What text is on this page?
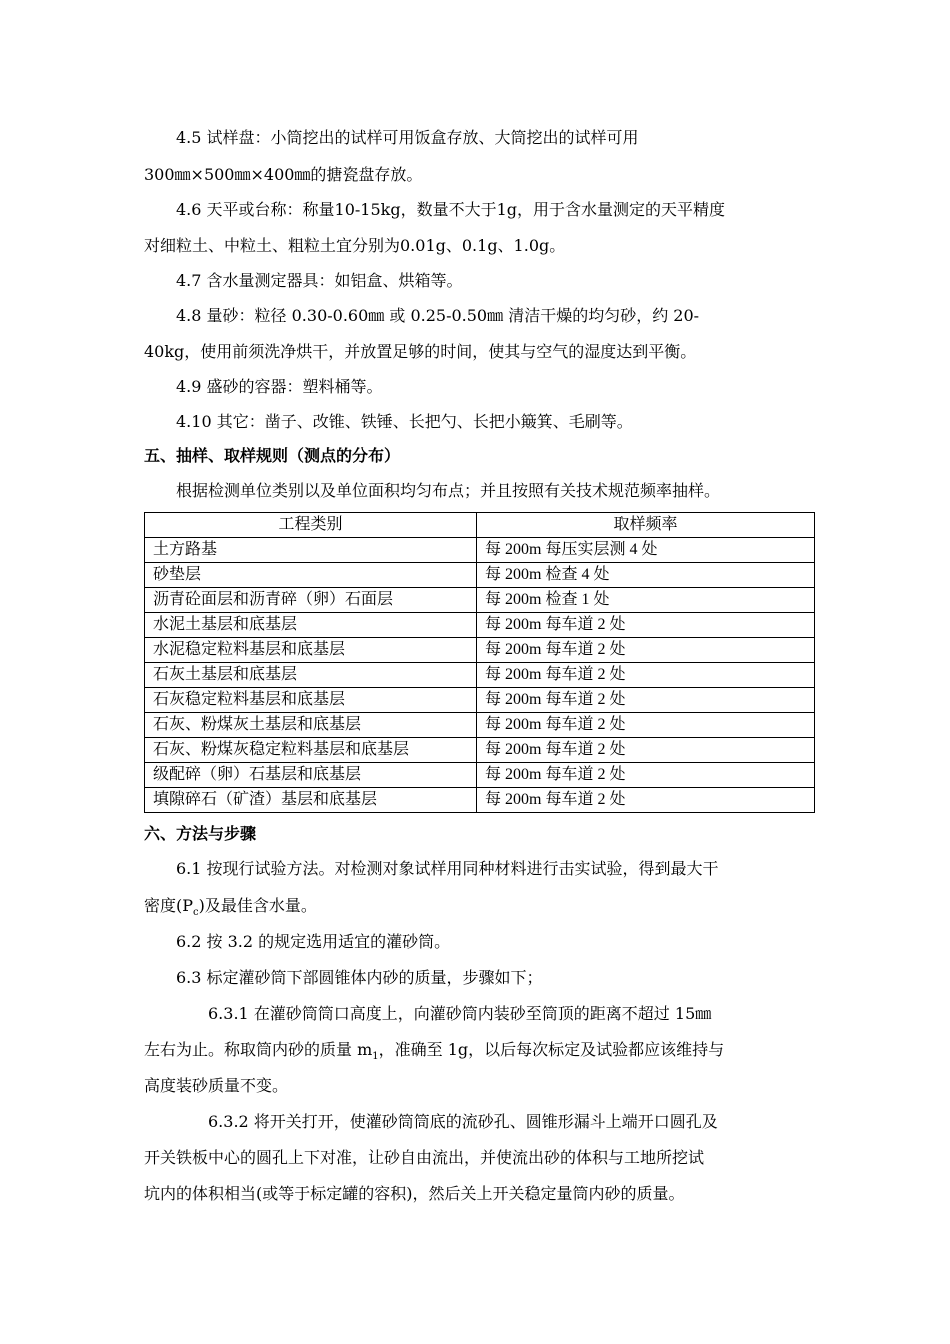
4.5 试样盘：小筒挖出的试样可用饭盒存放、大筒挖出的试样可用

300㎜×500㎜×400㎜的搪瓷盘存放。

4.6 天平或台称：称量10-15kg，数量不大于1g，用于含水量测定的天平精度

对细粒土、中粒土、粗粒土宜分别为0.01g、0.1g、1.0g。

4.7 含水量测定器具：如铝盒、烘箱等。

4.8 量砂：粒径 0.30-0.60㎜ 或 0.25-0.50㎜ 清洁干燥的均匀砂，约 20-

40kg，使用前须洗净烘干，并放置足够的时间，使其与空气的湿度达到平衡。

4.9 盛砂的容器：塑料桶等。

4.10 其它：凿子、改锥、铁锤、长把勺、长把小簸箕、毛刷等。

五、抽样、取样规则（测点的分布）

根据检测单位类别以及单位面积均匀布点；并且按照有关技术规范频率抽样。

工程类别	取样频率
土方路基	每 200m 每压实层测 4 处
砂垫层	每 200m 检查 4 处
沥青砼面层和沥青碎（卵）石面层	每 200m 检查 1 处
水泥土基层和底基层	每 200m 每车道 2 处
水泥稳定粒料基层和底基层	每 200m 每车道 2 处
石灰土基层和底基层	每 200m 每车道 2 处
石灰稳定粒料基层和底基层	每 200m 每车道 2 处
石灰、粉煤灰土基层和底基层	每 200m 每车道 2 处
石灰、粉煤灰稳定粒料基层和底基层	每 200m 每车道 2 处
级配碎（卵）石基层和底基层	每 200m 每车道 2 处
填隙碎石（矿渣）基层和底基层	每 200m 每车道 2 处
六、方法与步骤

6.1 按现行试验方法。对检测对象试样用同种材料进行击实试验，得到最大干

密度$(P_c)$及最佳含水量。

6.2 按 3.2 的规定选用适宜的灌砂筒。

6.3 标定灌砂筒下部圆锥体内砂的质量，步骤如下；

6.3.1 在灌砂筒筒口高度上，向灌砂筒内装砂至筒顶的距离不超过 15㎜

左右为止。称取筒内砂的质量 $m_1$，准确至 1g，以后每次标定及试验都应该维持与

高度装砂质量不变。

6.3.2 将开关打开，使灌砂筒筒底的流砂孔、圆锥形漏斗上端开口圆孔及

开关铁板中心的圆孔上下对准，让砂自由流出，并使流出砂的体积与工地所挖试

坑内的体积相当(或等于标定罐的容积)，然后关上开关稳定量筒内砂的质量。
